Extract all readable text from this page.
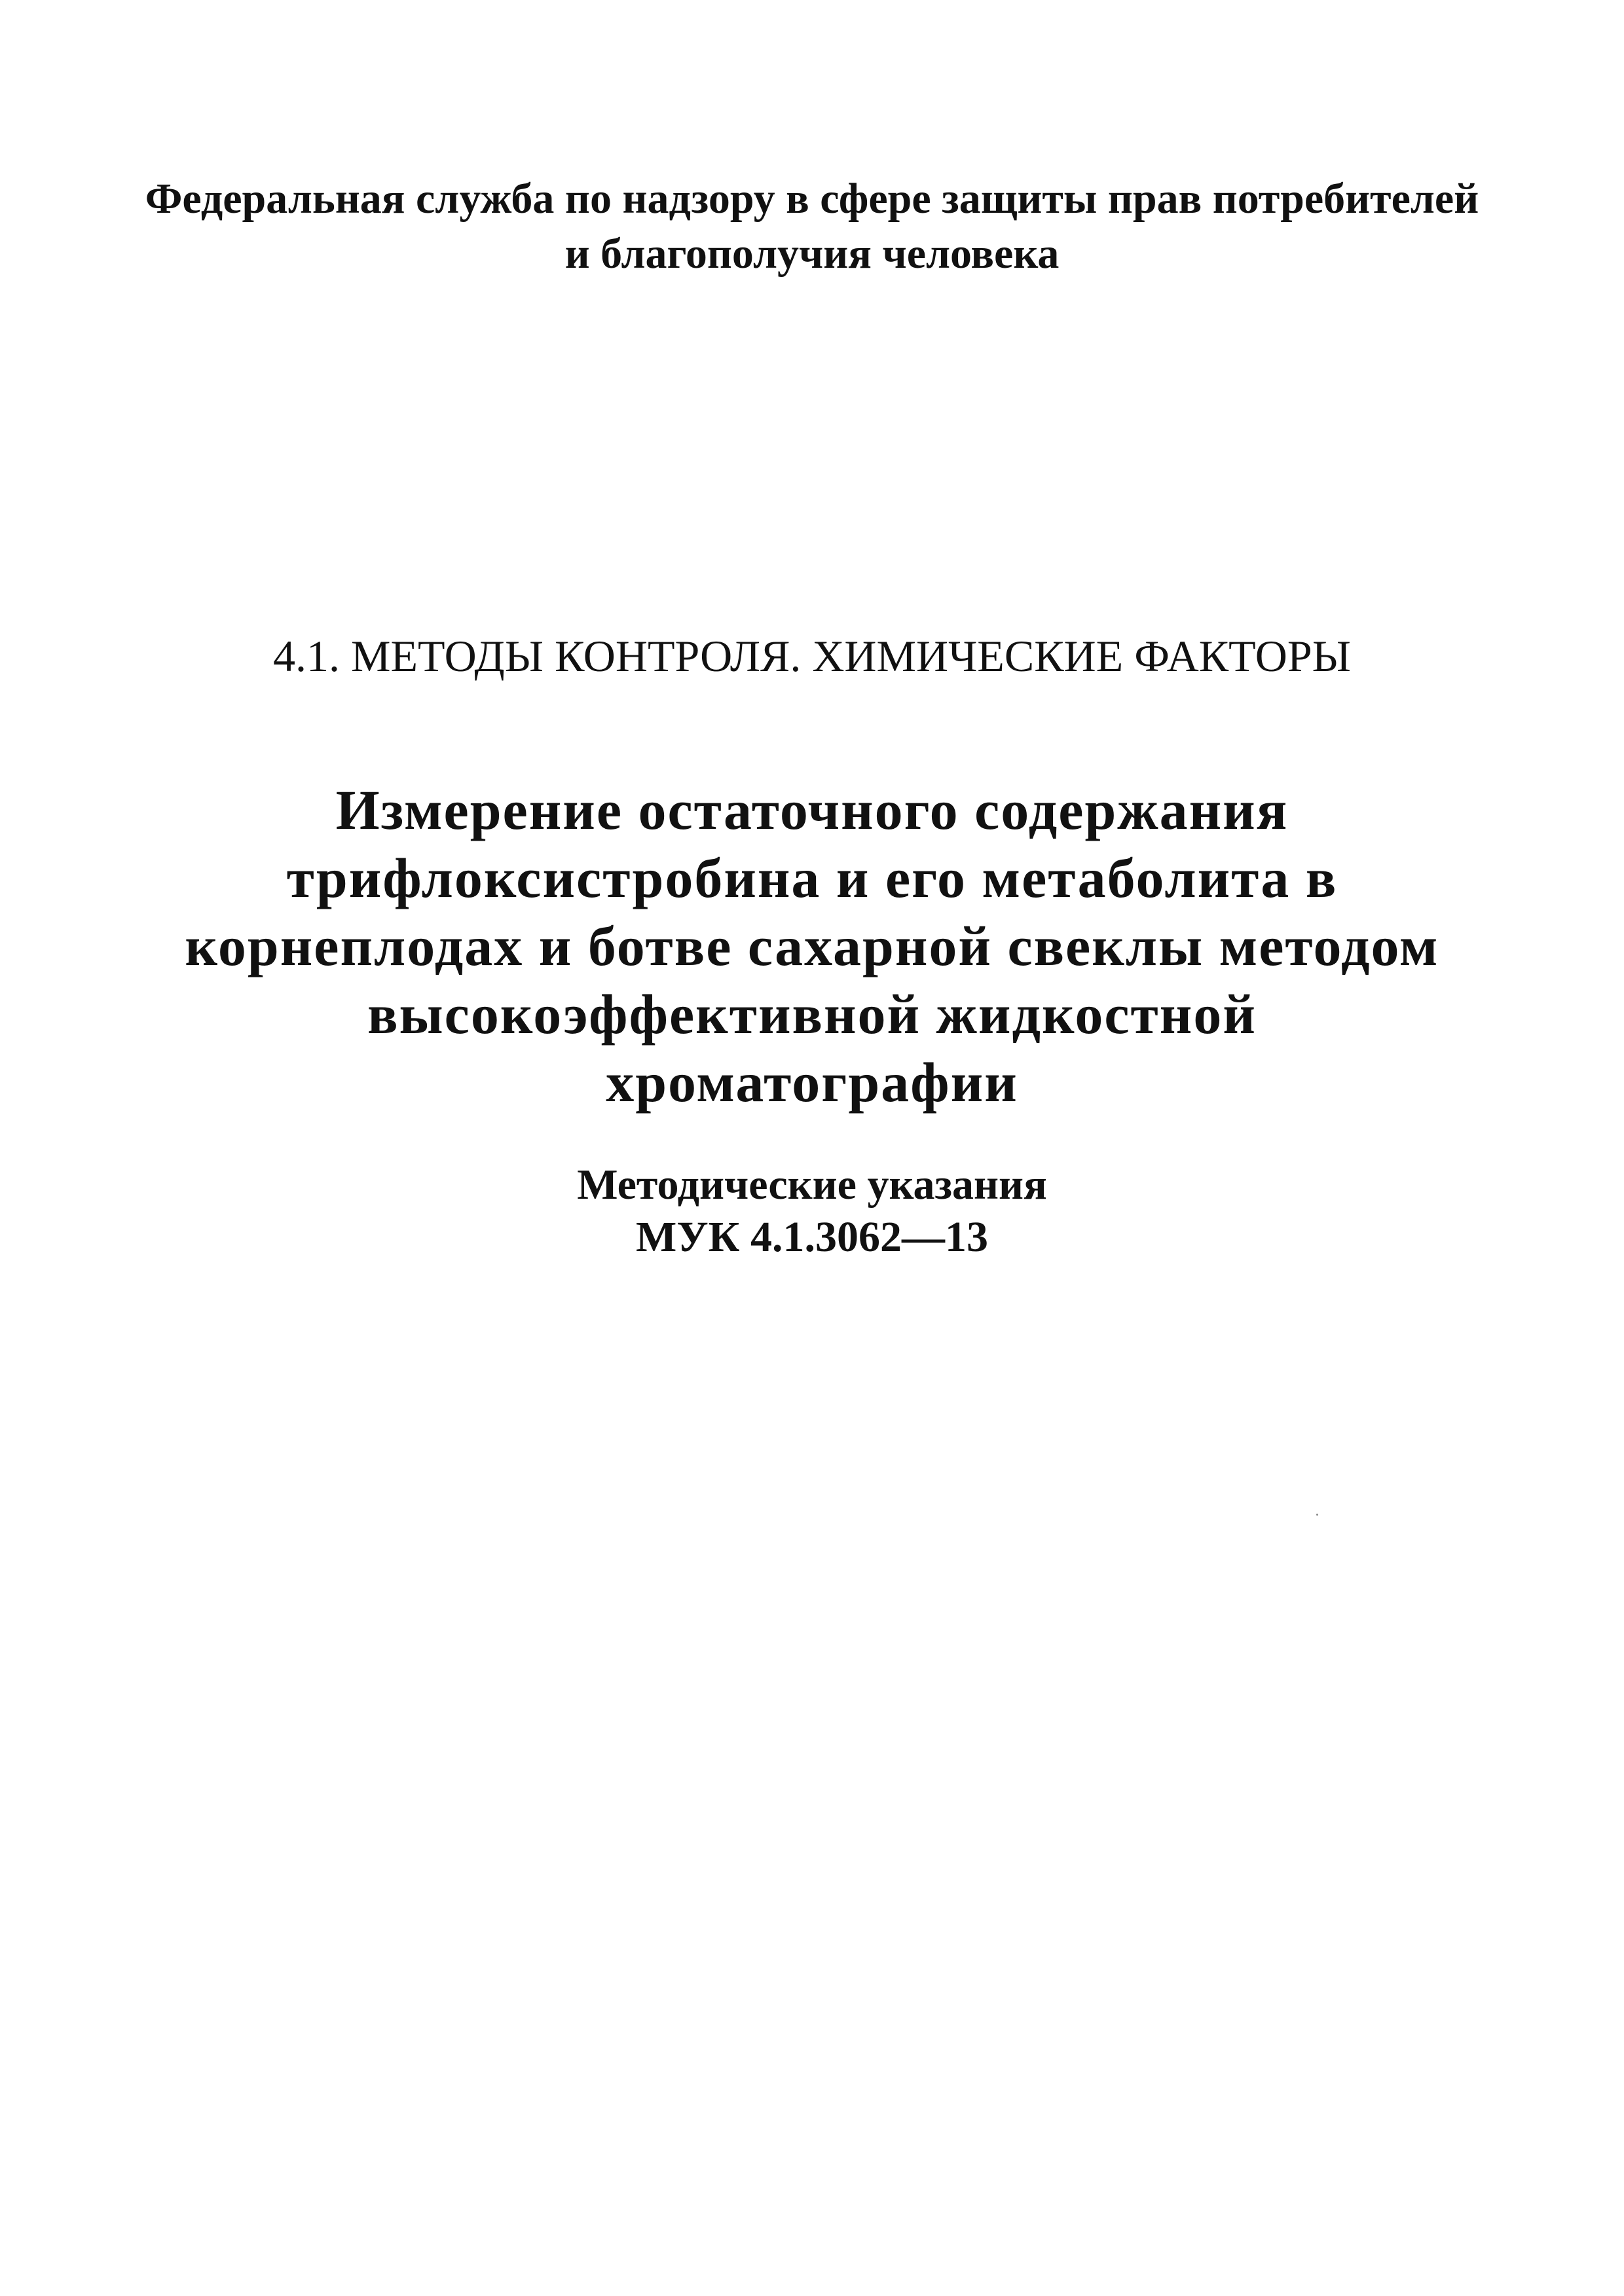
Федеральная служба по надзору в сфере защиты прав потребителей
и благополучия человека
4.1. МЕТОДЫ КОНТРОЛЯ. ХИМИЧЕСКИЕ ФАКТОРЫ
Измерение остаточного содержания
трифлоксистробина и его метаболита в
корнеплодах и ботве сахарной свеклы методом
высокоэффективной жидкостной
хроматографии
Методические указания
МУК 4.1.3062—13
